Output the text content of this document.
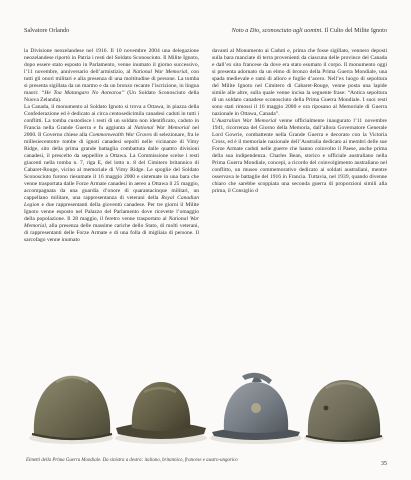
Salvatore Orlando	Noto a Dio, sconosciuto agli uomini. Il Culto del Milite Ignoto

la Divisione neozelandese nel 1916. Il 10 novembre 2004 una delegazione neozelandese riportò in Patria i resti del Soldato Sconosciuto. Il Milite Ignoto, dopo essere stato esposto in Parlamento, venne inumato il giorno successivo, l’11 novembre, anniversario dell’armistizio, al National War Memorial, con tutti gli onori militari e alla presenza di una moltitudine di persone. La tomba si presenta sigillata da un marmo e da un bronzo recante l’iscrizione, in lingua maori: “He Toa Matangaro No Aotearoa” (Un Soldato Sconosciuto della Nuova Zelanda).

La Canada, il monumento al Soldato Ignoto si trova a Ottawa, in piazza della Confederazione ed è dedicato ai circa centosedicimila canadesi caduti in tutti i conflitti. La tomba custodisce i resti di un soldato non identificato, caduto in Francia nella Grande Guerra e fu aggiunta al National War Memorial nel 2000. Il Governo chiese alla Commonwealth War Graves di selezionare, fra le millesiecentotre tombe di ignoti canadesi sepolti nelle vicinanze di Vimy Ridge, sito della prima grande battaglia combattuta dalle quattro divisioni canadesi, il prescelto da seppellire a Ottawa. La Commissione scelse i resti giacenti nella tomba n. 7, riga E, del lotto n. 8 del Cimitero britannico di Cabaret-Rouge, vicino al memoriale di Vimy Ridge. Le spoglie del Soldato Sconosciuto furono riesumate il 16 maggio 2000 e sistemate in una bara che venne trasportata dalle Forze Armate canadesi in aereo a Ottawa il 25 maggio, accompagnata da una guardia d’onore di quarantacinque militari, un cappellano militare, una rappresentanza di veterani della Royal Canadian Legion e due rappresentanti della gioventù canadese. Per tre giorni il Milite Ignoto venne esposto nel Palazzo del Parlamento dove ricevette l’omaggio della popolazione. Il 28 maggio, il feretro venne trasportato al National War Memorial, alla presenza delle massime cariche dello Stato, di molti veterani, di rappresentanti delle Forze Armate e di una folla di migliaia di persone. Il sarcofago venne inumato

davanti al Monumento ai Caduti e, prima che fosse sigillato, vennero deposti sulla bara manciate di terra provenienti da ciascuna delle province del Canada e dall’ex sito francese da dove era stato esumato il corpo. Il monumento oggi si presenta adornato da un elmo di bronzo della Prima Guerra Mondiale, una spada medievale e rami di alloro e foglie d’acero. Nell’ex luogo di sepoltura del Milite Ignoto nel Cimitero di Cabaret-Rouge, venne posta una lapide simile alle altre, sulla quale venne incisa la seguente frase: “Antica sepoltura di un soldato canadese sconosciuto della Prima Guerra Mondiale. I suoi resti sono stati rimossi il 16 maggio 2000 e ora riposano al Memoriale di Guerra nazionale in Ottawa, Canada”.

L’Australian War Memorial venne ufficialmente inaugurato l’11 novembre 1941, ricorrenza del Giorno della Memoria, dall’allora Governatore Generale Lord Gowrie, combattente nella Grande Guerra e decorato con la Victoria Cross, ed è il memoriale nazionale dell’Australia dedicato ai membri delle sue Forze Armate caduti nelle guerre che hanno coinvolto il Paese, anche prima della sua indipendenza. Charles Bean, storico e ufficiale australiano nella Prima Guerra Mondiale, concepì, a ricordo del coinvolgimento australiano nel conflitto, un museo commemorativo dedicato ai soldati australiani, mentre osservava le battaglie del 1916 in Francia. Tuttavia, nel 1939, quando divenne chiaro che sarebbe scoppiata una seconda guerra di proporzioni simili alla prima, il Consiglio d

Elmetti della Prima Guerra Mondiale. Da sinistra a destra: italiano, britannico, francese e austro-ungarico	35
